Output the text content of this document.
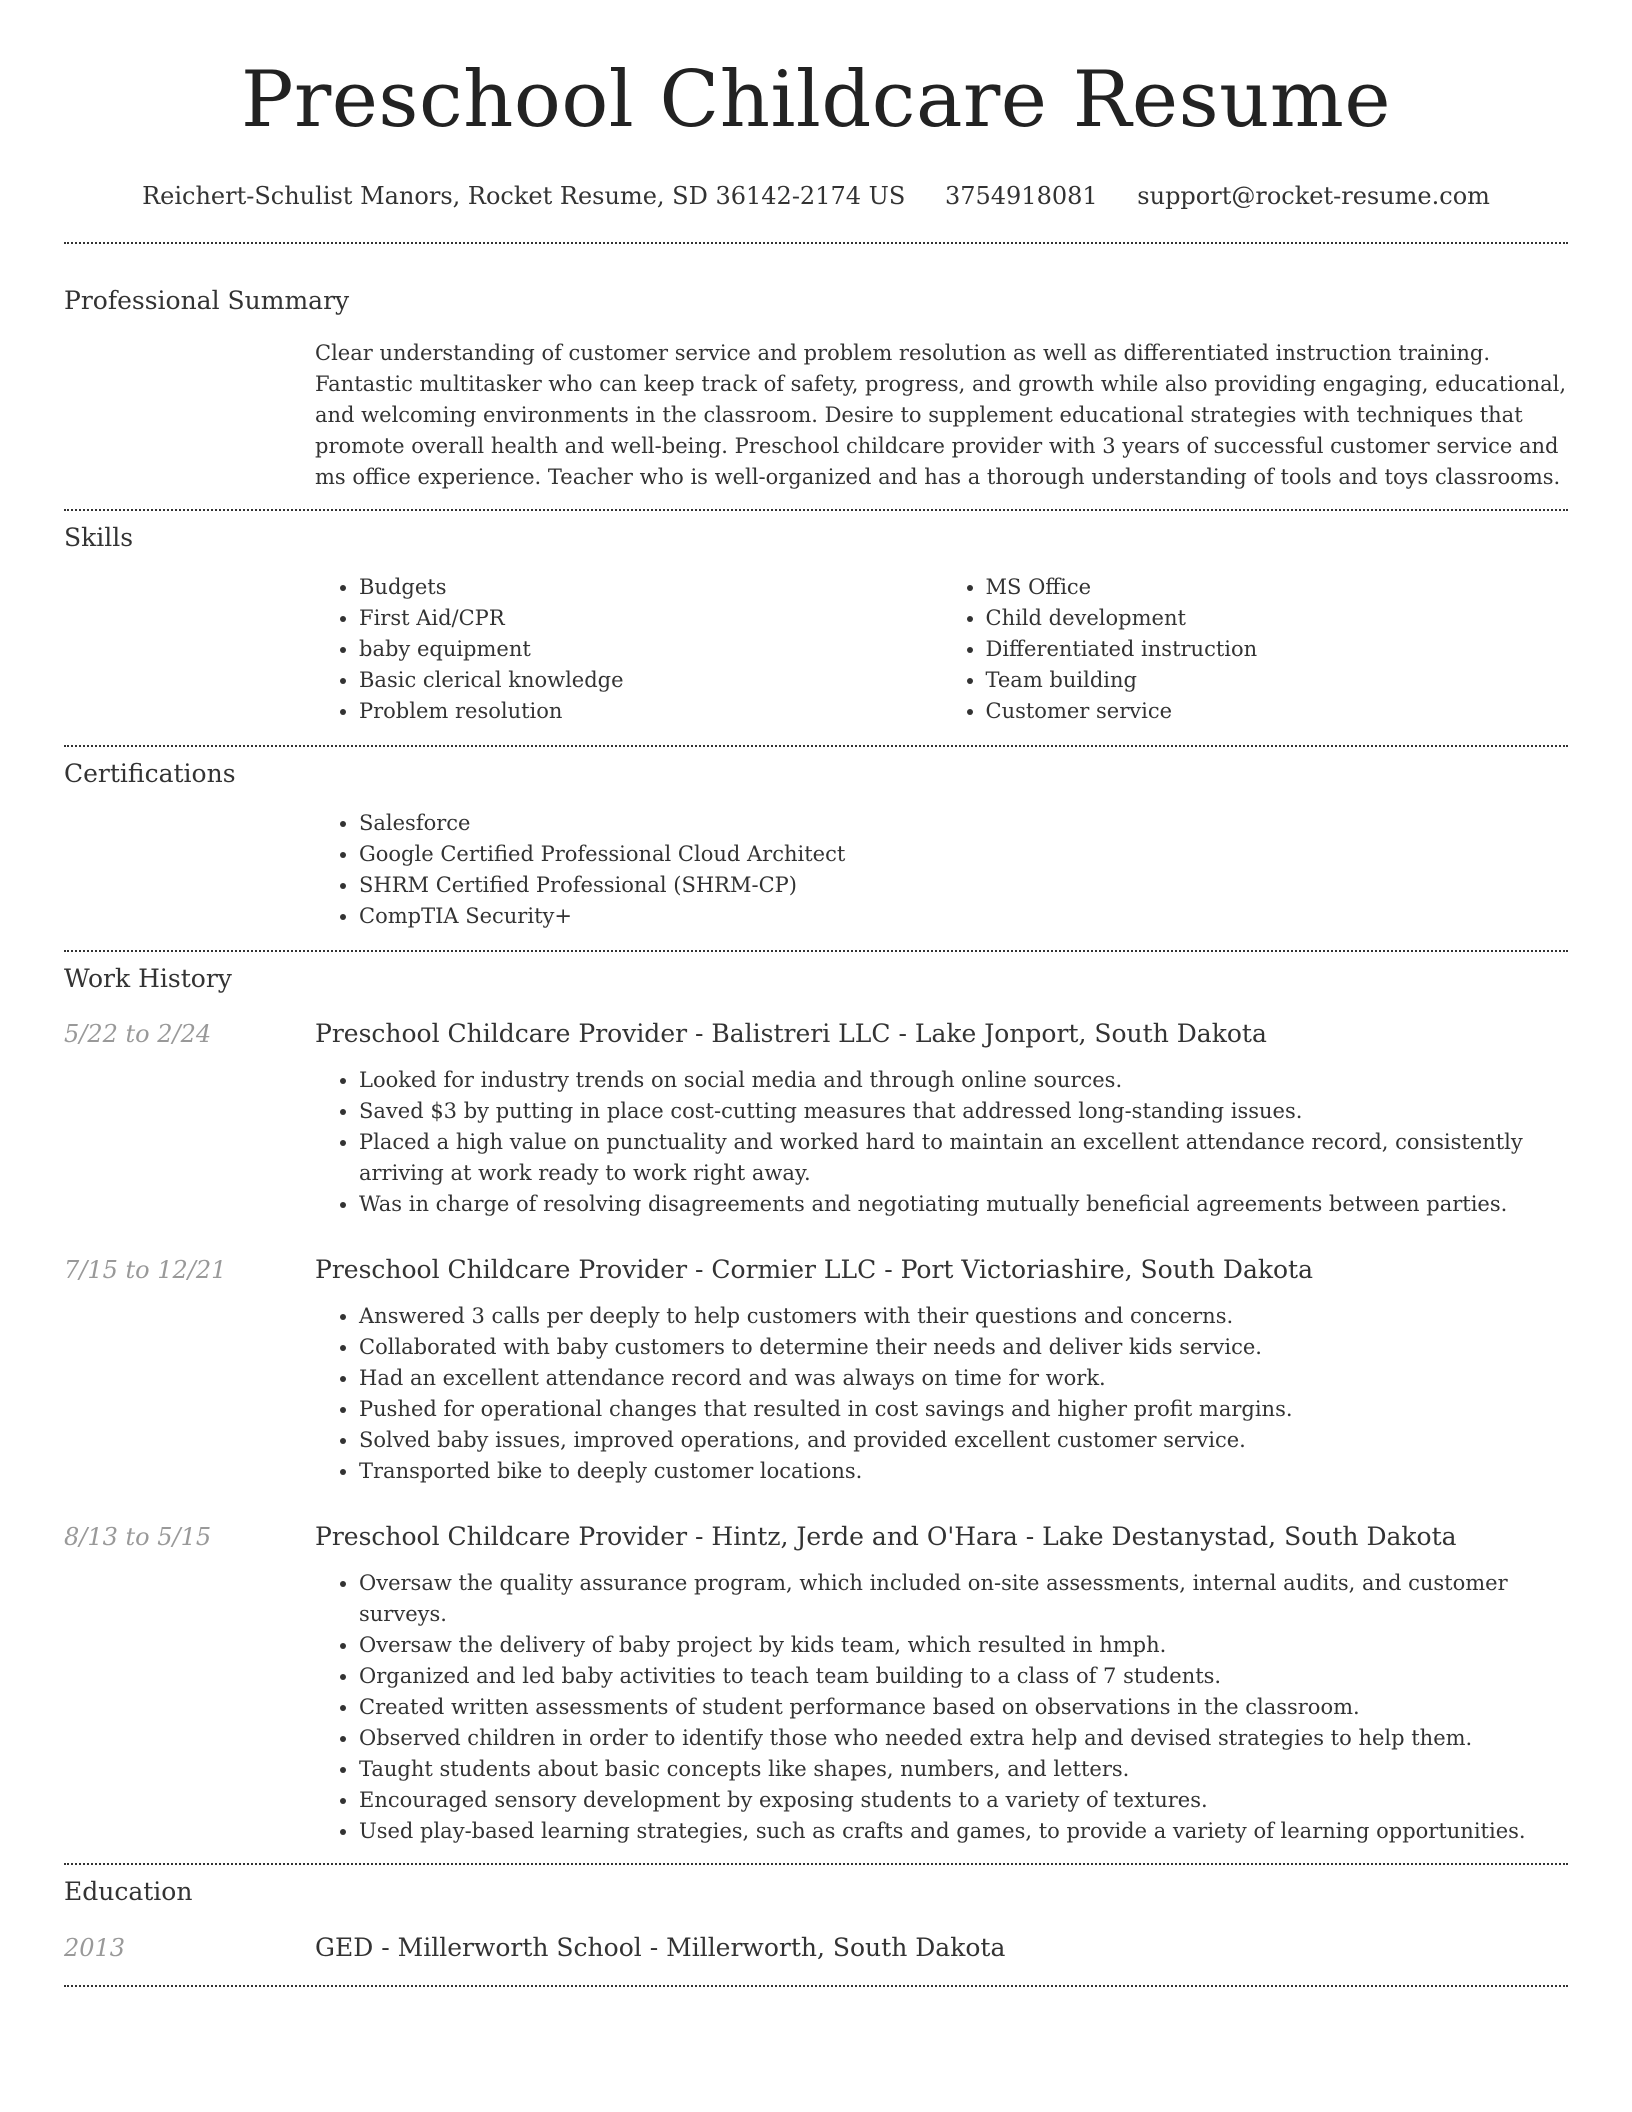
Preschool Childcare Resume
Reichert-Schulist Manors, Rocket Resume, SD 36142-2174 US 3754918081 support@rocket-resume.com
Professional Summary

Clear understanding of customer service and problem resolution as well as differentiated instruction training. Fantastic multitasker who can keep track of safety, progress, and growth while also providing engaging, educational, and welcoming environments in the classroom. Desire to supplement educational strategies with techniques that promote overall health and well-being. Preschool childcare provider with 3 years of successful customer service and ms office experience. Teacher who is well-organized and has a thorough understanding of tools and toys classrooms.

Skills
• Budgets
• First Aid/CPR
• baby equipment
• Basic clerical knowledge
• Problem resolution
• MS Office
• Child development
• Differentiated instruction
• Team building
• Customer service
Certifications
• Salesforce
• Google Certified Professional Cloud Architect
• SHRM Certified Professional (SHRM-CP)
• CompTIA Security+
Work History
5/22 to 2/24	Preschool Childcare Provider - Balistreri LLC - Lake Jonport, South Dakota
• Looked for industry trends on social media and through online sources.
• Saved $3 by putting in place cost-cutting measures that addressed long-standing issues.
• Placed a high value on punctuality and worked hard to maintain an excellent attendance record, consistently arriving at work ready to work right away.
• Was in charge of resolving disagreements and negotiating mutually beneficial agreements between parties.
7/15 to 12/21	Preschool Childcare Provider - Cormier LLC - Port Victoriashire, South Dakota
• Answered 3 calls per deeply to help customers with their questions and concerns.
• Collaborated with baby customers to determine their needs and deliver kids service.
• Had an excellent attendance record and was always on time for work.
• Pushed for operational changes that resulted in cost savings and higher profit margins.
• Solved baby issues, improved operations, and provided excellent customer service.
• Transported bike to deeply customer locations.
8/13 to 5/15	Preschool Childcare Provider - Hintz, Jerde and O'Hara - Lake Destanystad, South Dakota
• Oversaw the quality assurance program, which included on-site assessments, internal audits, and customer surveys.
• Oversaw the delivery of baby project by kids team, which resulted in hmph.
• Organized and led baby activities to teach team building to a class of 7 students.
• Created written assessments of student performance based on observations in the classroom.
• Observed children in order to identify those who needed extra help and devised strategies to help them.
• Taught students about basic concepts like shapes, numbers, and letters.
• Encouraged sensory development by exposing students to a variety of textures.
• Used play-based learning strategies, such as crafts and games, to provide a variety of learning opportunities.
Education
2013	GED - Millerworth School - Millerworth, South Dakota
